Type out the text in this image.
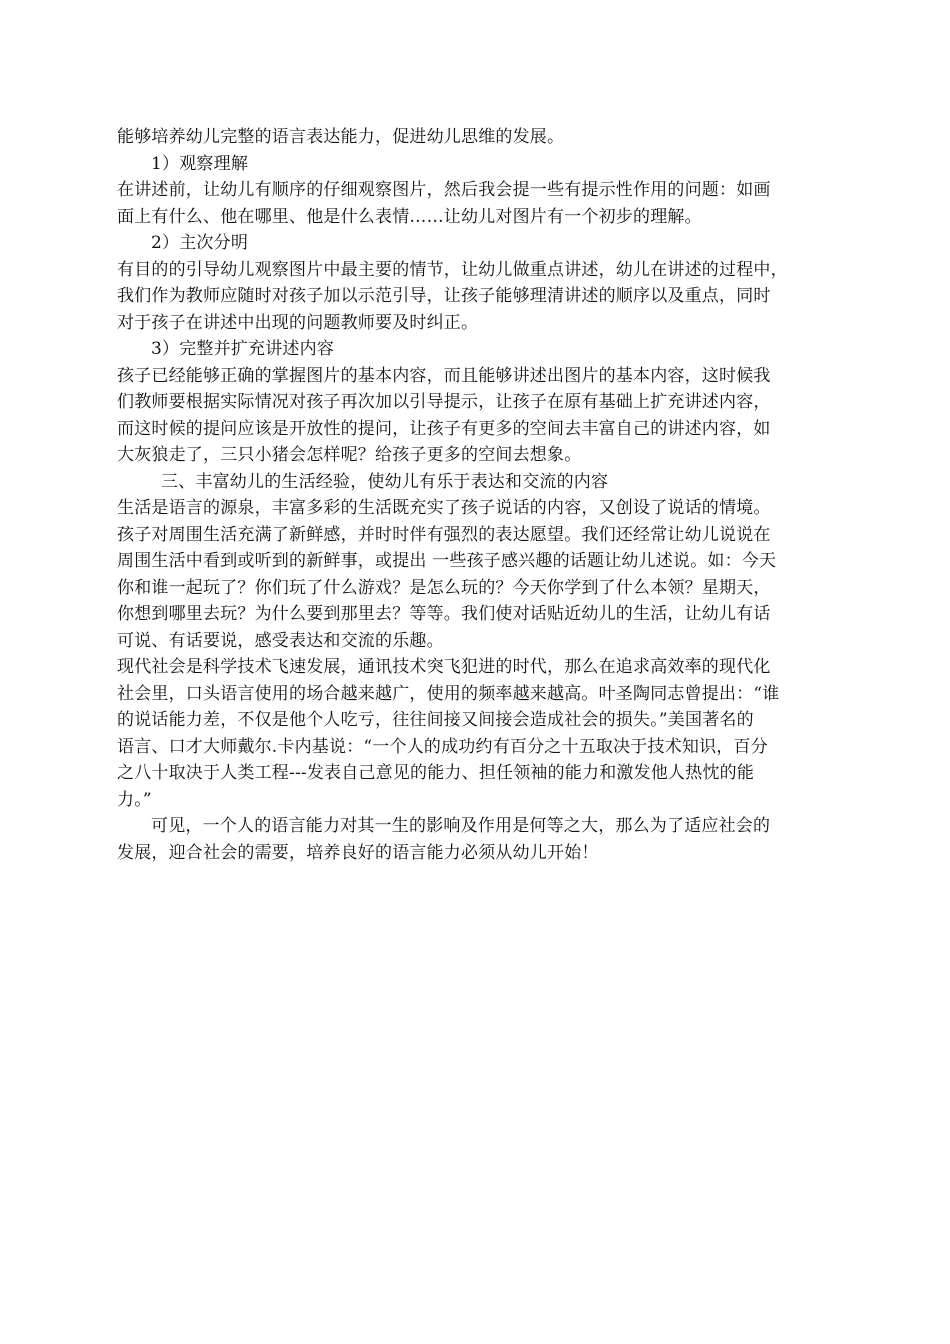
能够培养幼儿完整的语言表达能力，促进幼儿思维的发展。
1）观察理解
在讲述前，让幼儿有顺序的仔细观察图片，然后我会提一些有提示性作用的问题：如画
面上有什么、他在哪里、他是什么表情……让幼儿对图片有一个初步的理解。
2）主次分明
有目的的引导幼儿观察图片中最主要的情节，让幼儿做重点讲述，幼儿在讲述的过程中，
我们作为教师应随时对孩子加以示范引导，让孩子能够理清讲述的顺序以及重点，同时
对于孩子在讲述中出现的问题教师要及时纠正。
3）完整并扩充讲述内容
孩子已经能够正确的掌握图片的基本内容，而且能够讲述出图片的基本内容，这时候我
们教师要根据实际情况对孩子再次加以引导提示，让孩子在原有基础上扩充讲述内容，
而这时候的提问应该是开放性的提问，让孩子有更多的空间去丰富自己的讲述内容，如
大灰狼走了，三只小猪会怎样呢？给孩子更多的空间去想象。
三、丰富幼儿的生活经验，使幼儿有乐于表达和交流的内容
生活是语言的源泉，丰富多彩的生活既充实了孩子说话的内容，又创设了说话的情境。
孩子对周围生活充满了新鲜感，并时时伴有强烈的表达愿望。我们还经常让幼儿说说在
周围生活中看到或听到的新鲜事，或提出 一些孩子感兴趣的话题让幼儿述说。如：今天
你和谁一起玩了？你们玩了什么游戏？是怎么玩的？今天你学到了什么本领？星期天，
你想到哪里去玩？为什么要到那里去？等等。我们使对话贴近幼儿的生活，让幼儿有话
可说、有话要说，感受表达和交流的乐趣。
现代社会是科学技术飞速发展，通讯技术突飞犯进的时代，那么在追求高效率的现代化
社会里，口头语言使用的场合越来越广，使用的频率越来越高。叶圣陶同志曾提出：“谁
的说话能力差，不仅是他个人吃亏，往往间接又间接会造成社会的损失。”美国著名的
语言、口才大师戴尔.卡内基说：“一个人的成功约有百分之十五取决于技术知识，百分
之八十取决于人类工程---发表自己意见的能力、担任领袖的能力和激发他人热忱的能
力。”
可见，一个人的语言能力对其一生的影响及作用是何等之大，那么为了适应社会的
发展，迎合社会的需要，培养良好的语言能力必须从幼儿开始！
